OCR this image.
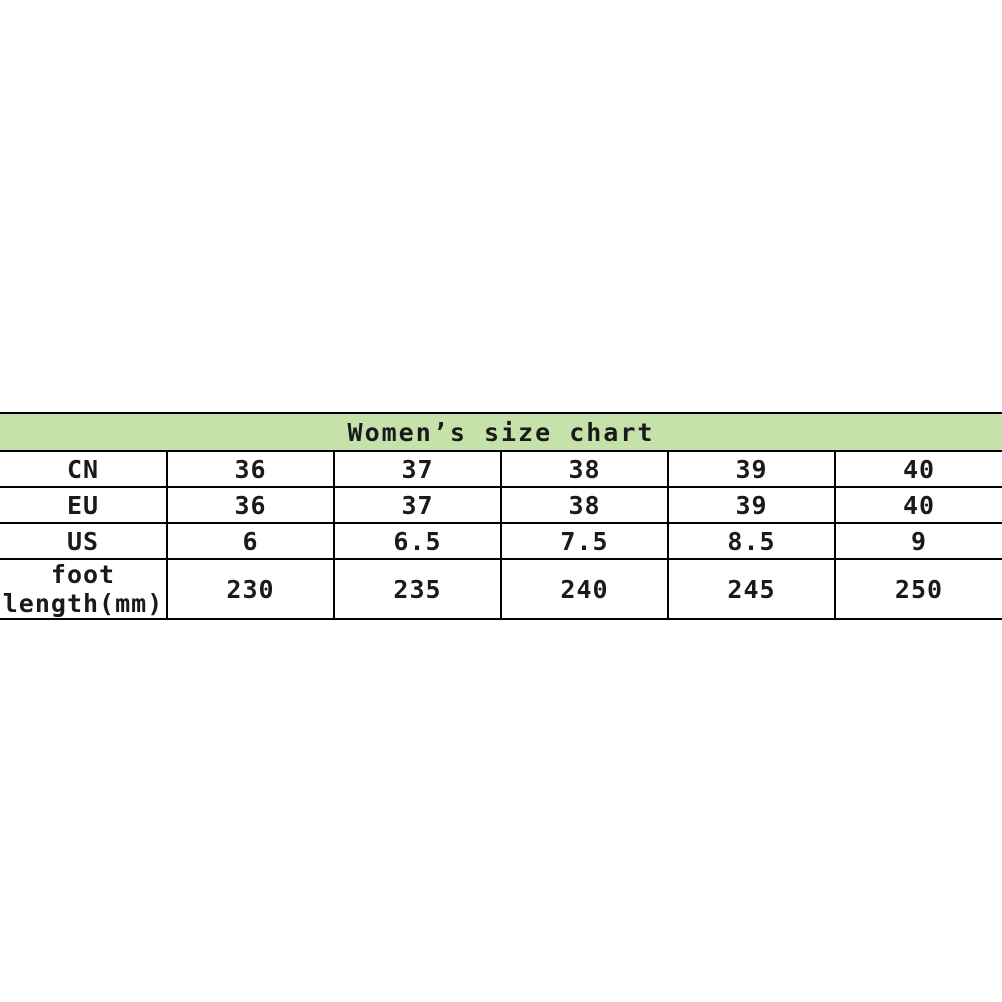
Women’s size chart					
CN	36	37	38	39	40
EU	36	37	38	39	40
US	6	6.5	7.5	8.5	9
foot length(mm)	230	235	240	245	250
